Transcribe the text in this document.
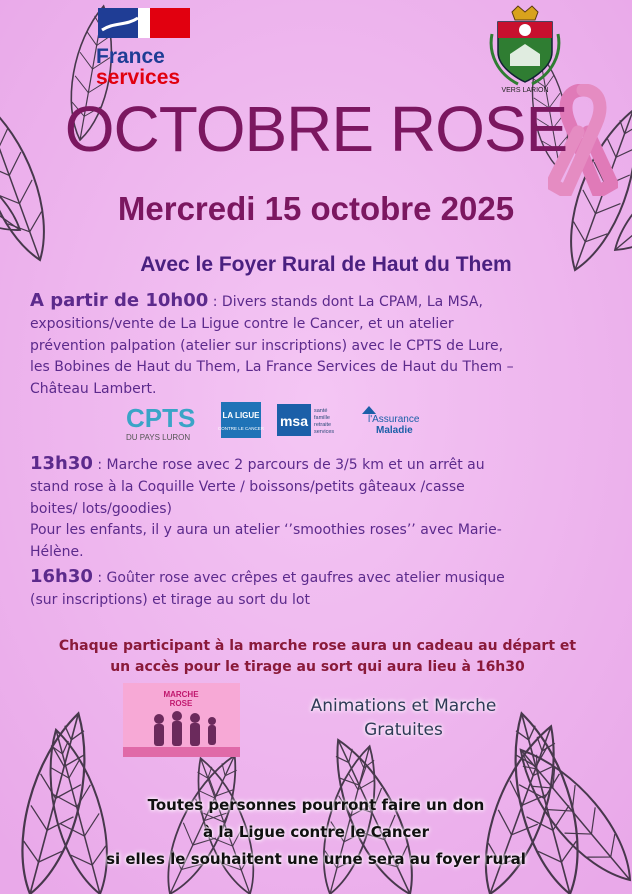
France
services
VERS LARION
OCTOBRE ROSE
Mercredi 15 octobre 2025
Avec le Foyer Rural de Haut du Them
A partir de 10h00 : Divers stands dont La CPAM, La MSA,
expositions/vente de La Ligue contre le Cancer, et un atelier
prévention palpation (atelier sur inscriptions) avec le CPTS de Lure,
les Bobines de Haut du Them, La France Services de Haut du Them –
Château Lambert.
CPTS
DU PAYS LURON
LA LIGUE
CONTRE LE CANCER msa
santé
famille
retraite
services
l'Assurance
Maladie
13h30 : Marche rose avec 2 parcours de 3/5 km et un arrêt au
stand rose à la Coquille Verte / boissons/petits gâteaux /casse
boites/ lots/goodies)
Pour les enfants, il y aura un atelier ‘’smoothies roses’’ avec Marie-
Hélène.
16h30 : Goûter rose avec crêpes et gaufres avec atelier musique
(sur inscriptions) et tirage au sort du lot
Chaque participant à la marche rose aura un cadeau au départ et
un accès pour le tirage au sort qui aura lieu à 16h30
MARCHE
ROSE	Animations et Marche
Gratuites
Toutes personnes pourront faire un don
à la Ligue contre le Cancer
si elles le souhaitent une urne sera au foyer rural
